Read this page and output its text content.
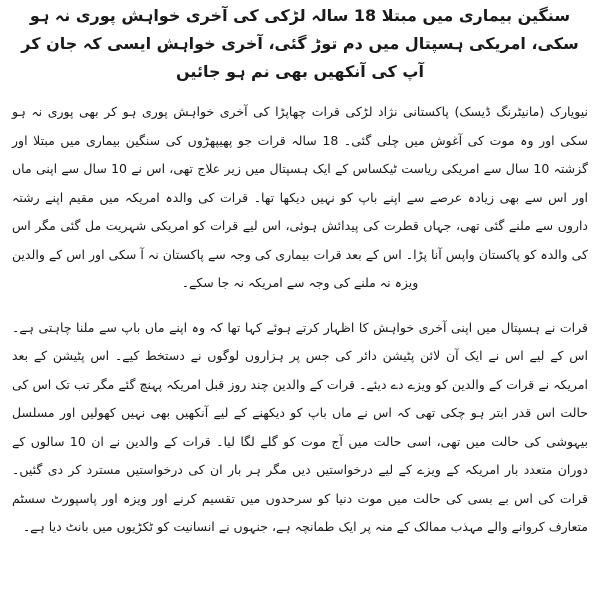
سنگین بیماری میں مبتلا 18 سالہ لڑکی کی آخری خواہش پوری نہ ہو سکی، امریکی ہسپتال میں دم توڑ گئی، آخری خواہش ایسی کہ جان کر آپ کی آنکھیں بھی نم ہو جائیں

نیویارک (مانیٹرنگ ڈیسک) پاکستانی نژاد لڑکی قرات چھاپڑا کی آخری خواہش پوری ہو کر بھی پوری نہ ہو سکی اور وہ موت کی آغوش میں چلی گئی۔ 18 سالہ قرات جو پھیپھڑوں کی سنگین بیماری میں مبتلا اور گزشتہ 10 سال سے امریکی ریاست ٹیکساس کے ایک ہسپتال میں زیر علاج تھی، اس نے 10 سال سے اپنی ماں اور اس سے بھی زیادہ عرصے سے اپنے باپ کو نہیں دیکھا تھا۔ قرات کی والدہ امریکہ میں مقیم اپنے رشتہ داروں سے ملنے گئی تھی، جہاں قطرت کی پیدائش ہوئی، اس لیے قرات کو امریکی شہریت مل گئی مگر اس کی والدہ کو پاکستان واپس آنا پڑا۔ اس کے بعد قرات بیماری کی وجہ سے پاکستان نہ آ سکی اور اس کے والدین ویزہ نہ ملنے کی وجہ سے امریکہ نہ جا سکے۔

قرات نے ہسپتال میں اپنی آخری خواہش کا اظہار کرتے ہوئے کہا تھا کہ وہ اپنے ماں باپ سے ملنا چاہتی ہے۔ اس کے لیے اس نے ایک آن لائن پٹیشن دائر کی جس پر ہزاروں لوگوں نے دستخط کیے۔ اس پٹیشن کے بعد امریکہ نے قرات کے والدین کو ویزے دے دیئے۔ قرات کے والدین چند روز قبل امریکہ پہنچ گئے مگر تب تک اس کی حالت اس قدر ابتر ہو چکی تھی کہ اس نے ماں باپ کو دیکھنے کے لیے آنکھیں بھی نہیں کھولیں اور مسلسل بیہوشی کی حالت میں تھی، اسی حالت میں آج موت کو گلے لگا لیا۔ قرات کے والدین نے ان 10 سالوں کے دوران متعدد بار امریکہ کے ویزے کے لیے درخواستیں دیں مگر ہر بار ان کی درخواستیں مسترد کر دی گئیں۔ قرات کی اس بے بسی کی حالت میں موت دنیا کو سرحدوں میں تقسیم کرنے اور ویزہ اور پاسپورٹ سسٹم متعارف کروانے والے مہذب ممالک کے منہ پر ایک طمانچہ ہے، جنہوں نے انسانیت کو ٹکڑیوں میں بانٹ دیا ہے۔
